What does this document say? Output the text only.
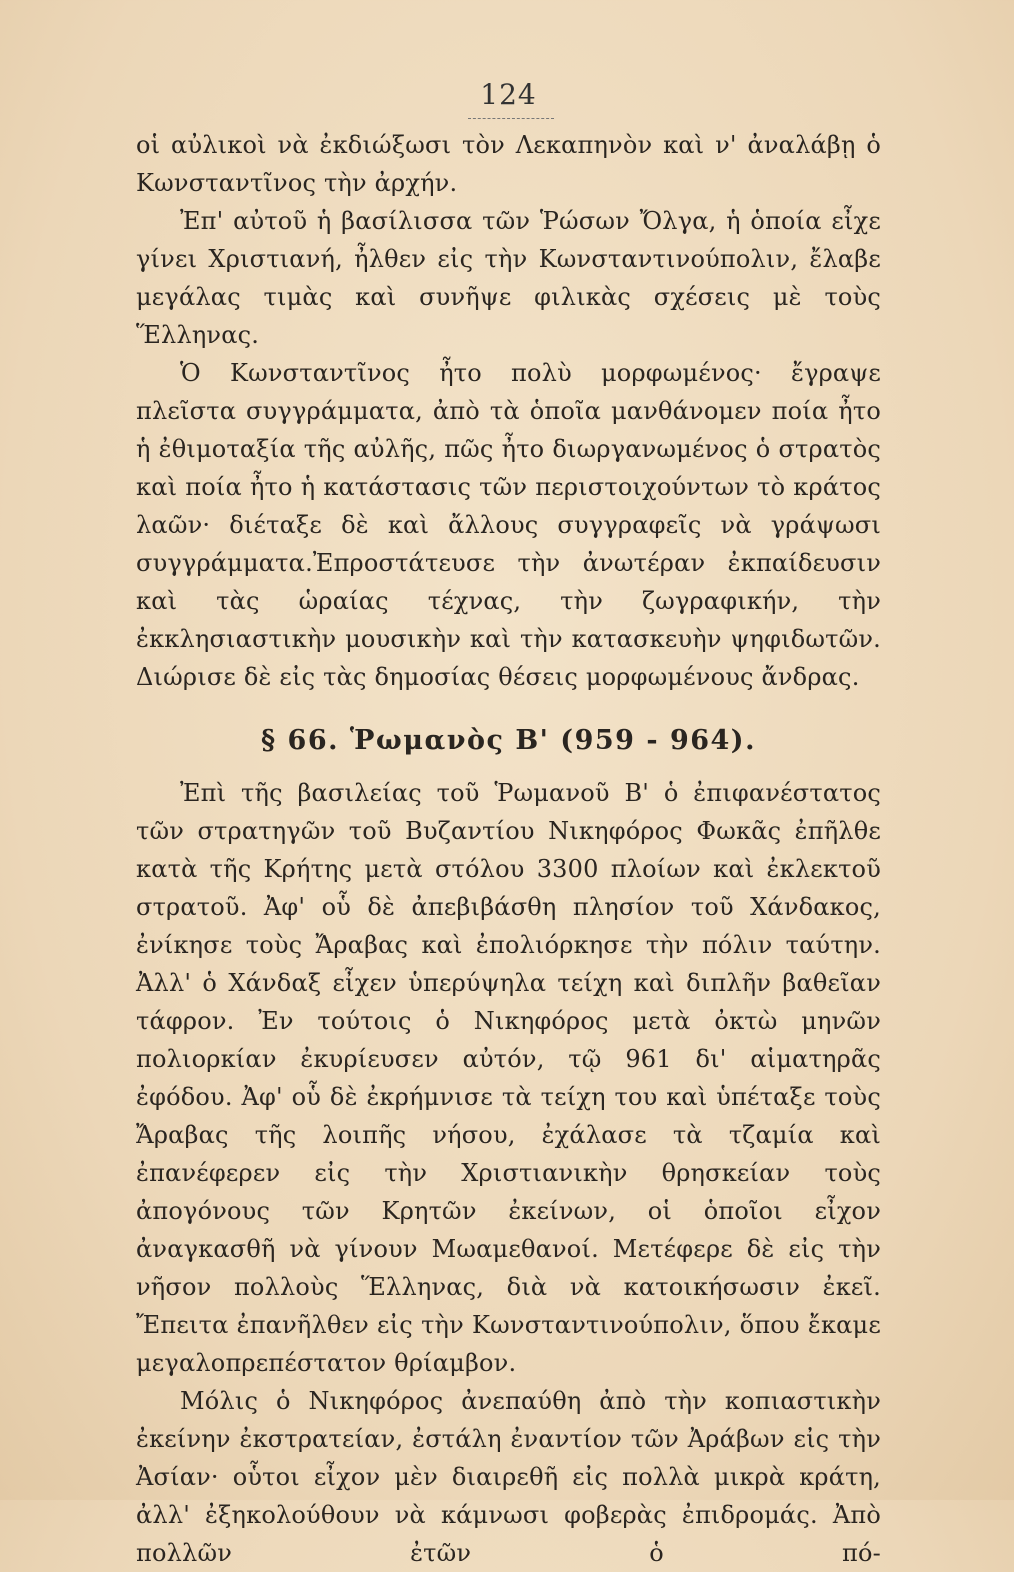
124

οἱ αὐλικοὶ νὰ ἐκδιώξωσι τὸν Λεκαπηνὸν καὶ ν' ἀναλάβῃ ὁ Κωνσταντῖνος τὴν ἀρχήν.

Ἐπ' αὐτοῦ ἡ βασίλισσα τῶν Ῥώσων Ὄλγα, ἡ ὁποία εἶχε γίνει Χριστιανή, ἦλθεν εἰς τὴν Κωνσταντινούπολιν, ἔλαβε μεγάλας τιμὰς καὶ συνῆψε φιλικὰς σχέσεις μὲ τοὺς Ἕλληνας.

Ὁ Κωνσταντῖνος ἦτο πολὺ μορφωμένος· ἔγραψε πλεῖστα συγγράμματα, ἀπὸ τὰ ὁποῖα μανθάνομεν ποία ἦτο ἡ ἐθιμοταξία τῆς αὐλῆς, πῶς ἦτο διωργανωμένος ὁ στρατὸς καὶ ποία ἦτο ἡ κατάστασις τῶν περιστοιχούντων τὸ κράτος λαῶν· διέταξε δὲ καὶ ἄλλους συγγραφεῖς νὰ γράψωσι συγγράμματα.Ἐπροστάτευσε τὴν ἀνωτέραν ἐκπαίδευσιν καὶ τὰς ὡραίας τέχνας, τὴν ζωγραφικήν, τὴν ἐκκλησιαστικὴν μουσικὴν καὶ τὴν κατασκευὴν ψηφιδωτῶν. Διώρισε δὲ εἰς τὰς δημοσίας θέσεις μορφωμένους ἄνδρας.

§ 66. Ῥωμανὸς Β' (959 - 964).

Ἐπὶ τῆς βασιλείας τοῦ Ῥωμανοῦ Β' ὁ ἐπιφανέστατος τῶν στρατηγῶν τοῦ Βυζαντίου Νικηφόρος Φωκᾶς ἐπῆλθε κατὰ τῆς Κρήτης μετὰ στόλου 3300 πλοίων καὶ ἐκλεκτοῦ στρατοῦ. Ἀφ' οὗ δὲ ἀπεβιβάσθη πλησίον τοῦ Χάνδακος, ἐνίκησε τοὺς Ἄραβας καὶ ἐπολιόρκησε τὴν πόλιν ταύτην. Ἀλλ' ὁ Χάνδαξ εἶχεν ὑπερύψηλα τείχη καὶ διπλῆν βαθεῖαν τάφρον. Ἐν τούτοις ὁ Νικηφόρος μετὰ ὀκτὼ μηνῶν πολιορκίαν ἐκυρίευσεν αὐτόν, τῷ 961 δι' αἱματηρᾶς ἐφόδου. Ἀφ' οὗ δὲ ἐκρήμνισε τὰ τείχη του καὶ ὑπέταξε τοὺς Ἄραβας τῆς λοιπῆς νήσου, ἐχάλασε τὰ τζαμία καὶ ἐπανέφερεν εἰς τὴν Χριστιανικὴν θρησκείαν τοὺς ἀπογόνους τῶν Κρητῶν ἐκείνων, οἱ ὁποῖοι εἶχον ἀναγκασθῆ νὰ γίνουν Μωαμεθανοί. Μετέφερε δὲ εἰς τὴν νῆσον πολλοὺς Ἕλληνας, διὰ νὰ κατοικήσωσιν ἐκεῖ. Ἔπειτα ἐπανῆλθεν εἰς τὴν Κωνσταντινούπολιν, ὅπου ἔκαμε μεγαλοπρεπέστατον θρίαμβον.

Μόλις ὁ Νικηφόρος ἀνεπαύθη ἀπὸ τὴν κοπιαστικὴν ἐκείνην ἐκστρατείαν, ἐστάλη ἐναντίον τῶν Ἀράβων εἰς τὴν Ἀσίαν· οὗτοι εἶχον μὲν διαιρεθῆ εἰς πολλὰ μικρὰ κράτη, ἀλλ' ἐξηκολούθουν νὰ κάμνωσι φοβερὰς ἐπιδρομάς. Ἀπὸ πολλῶν ἐτῶν ὁ πό-
